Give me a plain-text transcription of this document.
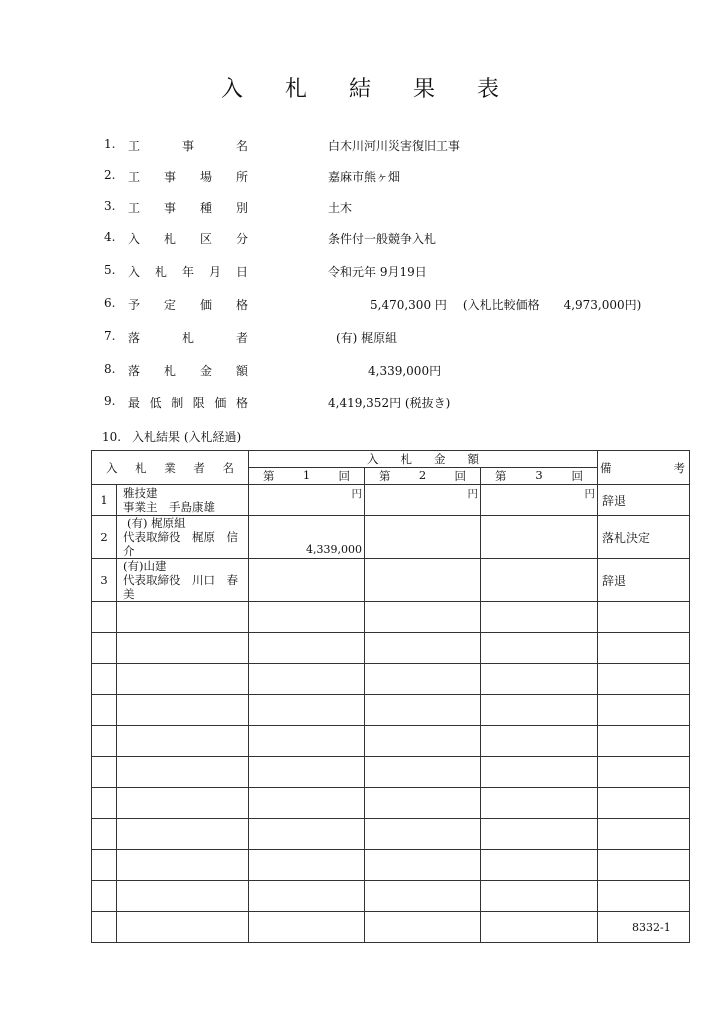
入札結果表
1.	工	事	名	白木川河川災害復旧工事
2.	工 事 場 所	嘉麻市熊ヶ畑
3.	工 事 種 別	土木
4.	入 札 区 分	条件付一般競争入札
5.	入 札 年 月 日	令和元年 9月19日
6.	予 定 価 格	5,470,300 円 (入札比較価格　　4,973,000円)
7.	落	札	者	(有) 梶原組
8.	落 札 金 額	4,339,000円
9.	最 低 制 限 価 格	4,419,352円 (税抜き)
10. 入札結果 (入札経過)
入 札 業 者 名		入 札 金 額			備 考

		第 1 回	第 2 回	第 3 回	

1	雅技建
事業主　手島康雄	円	円	円	辞退
2	(有) 梶原組
代表取締役　梶原　信介	4,339,000			落札決定
3	(有)山建
代表取締役　川口　春美				辞退

8332-1
